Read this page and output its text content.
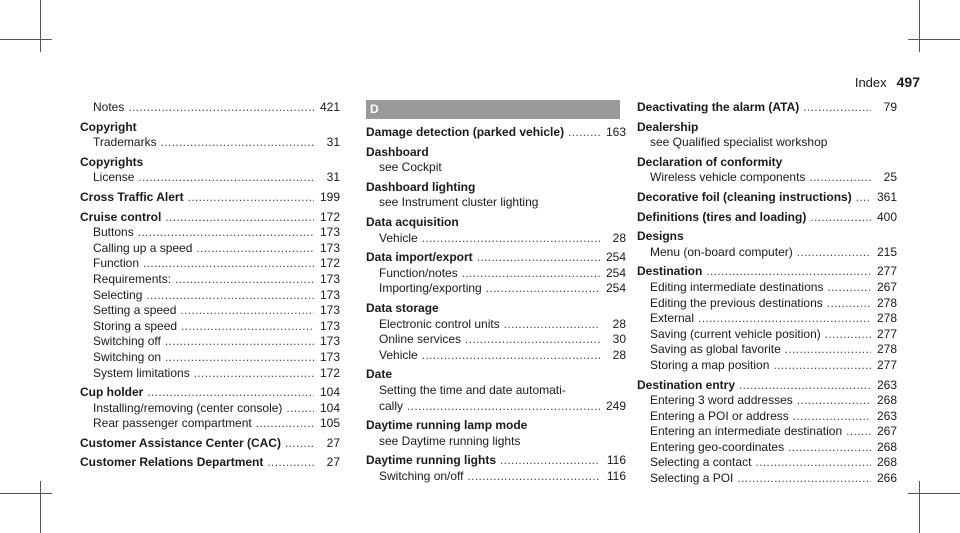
Index 497
Notes . . .	421
Copyright
Trademarks . . .	31
Copyrights
License . . .	31
Cross Traffic Alert . . .	199
Cruise control . . .	172
Buttons . . .	173
Calling up a speed . . .	173
Function . . .	172
Requirements: . . .	173
Selecting . . .	173
Setting a speed . . .	173
Storing a speed . . .	173
Switching off . . .	173
Switching on . . .	173
System limitations . . .	172
Cup holder . . .	104
Installing/removing (center console) . . .	104
Rear passenger compartment . . .	105
Customer Assistance Center (CAC) . . .	27
Customer Relations Department . . .	27
D
Damage detection (parked vehicle) . . .	163
Dashboard
see Cockpit
Dashboard lighting
see Instrument cluster lighting
Data acquisition
Vehicle . . .	28
Data import/export . . .	254
Function/notes . . .	254
Importing/exporting . . .	254
Data storage
Electronic control units . . .	28
Online services . . .	30
Vehicle . . .	28
Date
Setting the time and date automati-
cally . . .	249
Daytime running lamp mode
see Daytime running lights
Daytime running lights . . .	116
Switching on/off . . .	116
Deactivating the alarm (ATA) . . .	79
Dealership
see Qualified specialist workshop
Declaration of conformity
Wireless vehicle components . . .	25
Decorative foil (cleaning instructions) . . . 361
Definitions (tires and loading) . . .	400
Designs
Menu (on-board computer) . . .	215
Destination . . .	277
Editing intermediate destinations . . .	267
Editing the previous destinations . . .	278
External . . .	278
Saving (current vehicle position) . . .	277
Saving as global favorite . . .	278
Storing a map position . . .	277
Destination entry . . .	263
Entering 3 word addresses . . .	268
Entering a POI or address . . .	263
Entering an intermediate destination . . .	267
Entering geo-coordinates . . .	268
Selecting a contact . . .	268
Selecting a POI . . .	266
